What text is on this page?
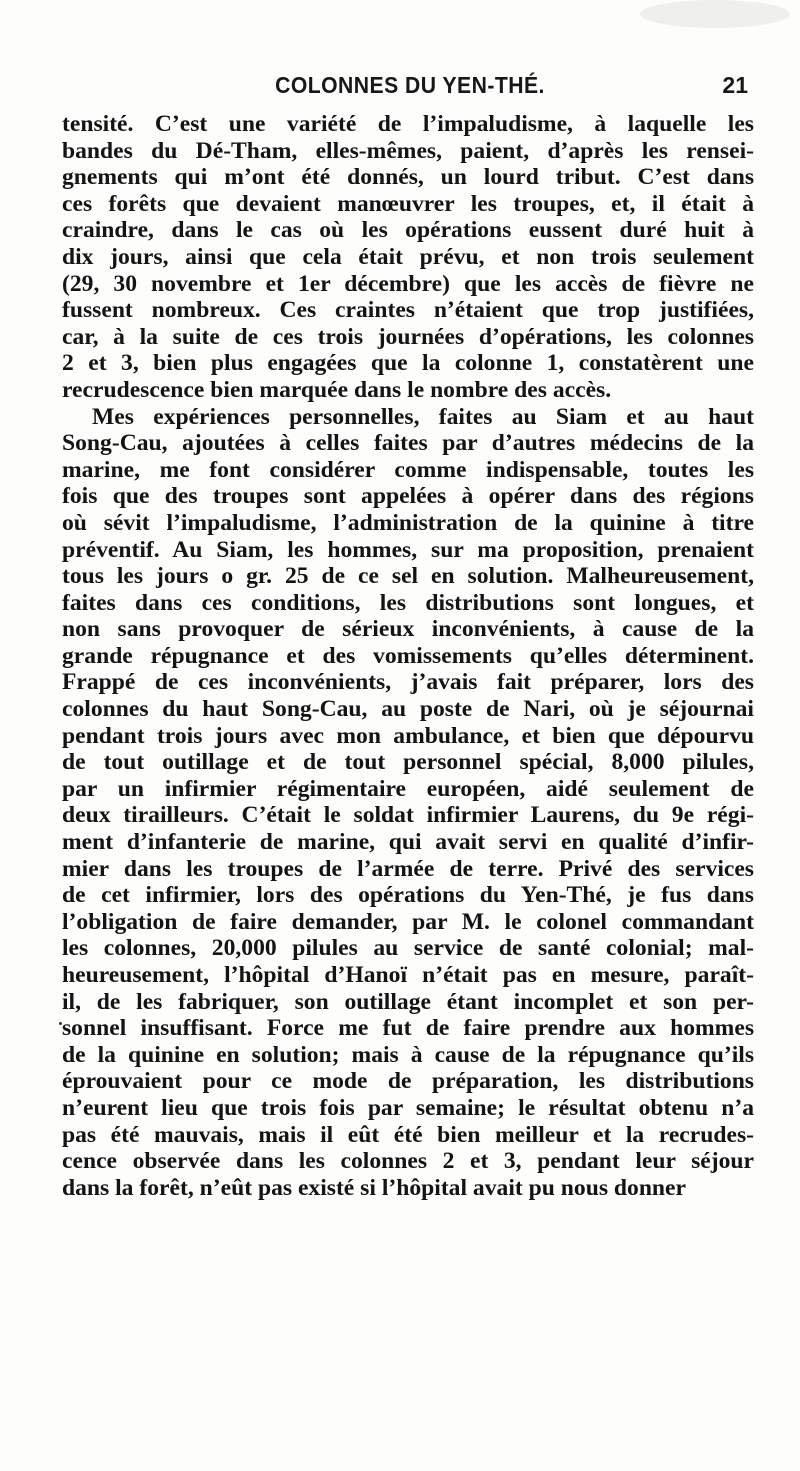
COLONNES DU YEN-THÉ.	21

tensité. C’est une variété de l’impaludisme, à laquelle les
bandes du Dé-Tham, elles-mêmes, paient, d’après les rensei-
gnements qui m’ont été donnés, un lourd tribut. C’est dans
ces forêts que devaient manœuvrer les troupes, et, il était à
craindre, dans le cas où les opérations eussent duré huit à
dix jours, ainsi que cela était prévu, et non trois seulement
(29, 30 novembre et 1er décembre) que les accès de fièvre ne
fussent nombreux. Ces craintes n’étaient que trop justifiées,
car, à la suite de ces trois journées d’opérations, les colonnes
2 et 3, bien plus engagées que la colonne 1, constatèrent une
recrudescence bien marquée dans le nombre des accès.

Mes expériences personnelles, faites au Siam et au haut
Song-Cau, ajoutées à celles faites par d’autres médecins de la
marine, me font considérer comme indispensable, toutes les
fois que des troupes sont appelées à opérer dans des régions
où sévit l’impaludisme, l’administration de la quinine à titre
préventif. Au Siam, les hommes, sur ma proposition, prenaient
tous les jours o gr. 25 de ce sel en solution. Malheureusement,
faites dans ces conditions, les distributions sont longues, et
non sans provoquer de sérieux inconvénients, à cause de la
grande répugnance et des vomissements qu’elles déterminent.
Frappé de ces inconvénients, j’avais fait préparer, lors des
colonnes du haut Song-Cau, au poste de Nari, où je séjournai
pendant trois jours avec mon ambulance, et bien que dépourvu
de tout outillage et de tout personnel spécial, 8,000 pilules,
par un infirmier régimentaire européen, aidé seulement de
deux tirailleurs. C’était le soldat infirmier Laurens, du 9e régi-
ment d’infanterie de marine, qui avait servi en qualité d’infir-
mier dans les troupes de l’armée de terre. Privé des services
de cet infirmier, lors des opérations du Yen-Thé, je fus dans
l’obligation de faire demander, par M. le colonel commandant
les colonnes, 20,000 pilules au service de santé colonial; mal-
heureusement, l’hôpital d’Hanoï n’était pas en mesure, paraît-
il, de les fabriquer, son outillage étant incomplet et son per-
sonnel insuffisant. Force me fut de faire prendre aux hommes
de la quinine en solution; mais à cause de la répugnance qu’ils
éprouvaient pour ce mode de préparation, les distributions
n’eurent lieu que trois fois par semaine; le résultat obtenu n’a
pas été mauvais, mais il eût été bien meilleur et la recrudes-
cence observée dans les colonnes 2 et 3, pendant leur séjour
dans la forêt, n’eût pas existé si l’hôpital avait pu nous donner
